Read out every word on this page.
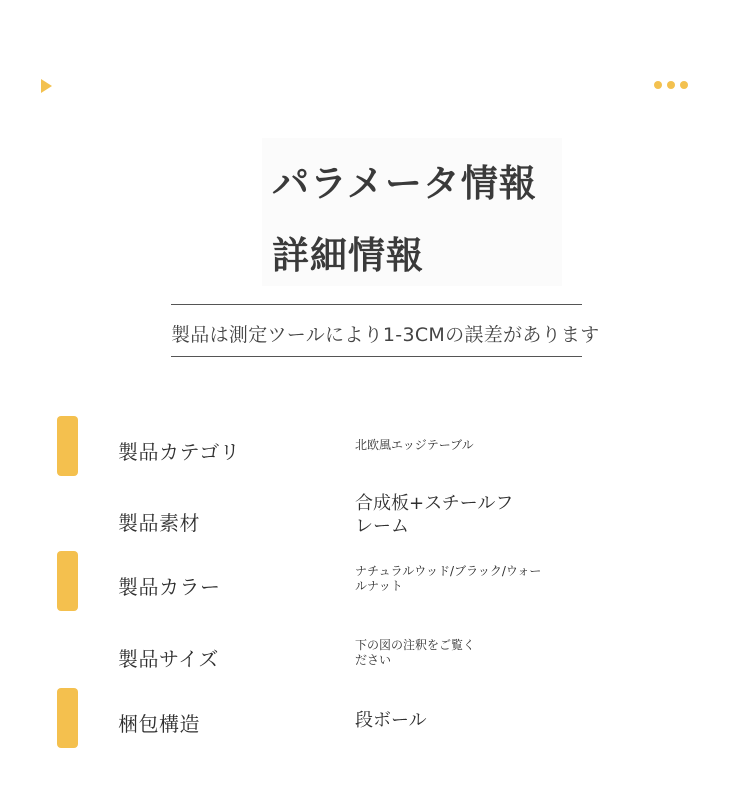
パラメータ情報
詳細情報
製品は測定ツールにより1-3CMの誤差があります
製品カテゴリ	北欧風エッジテーブル
製品素材
合成板+スチールフ
レーム
製品カラー
ナチュラルウッド/ブラック/ウォー
ルナット
製品サイズ
下の図の注釈をご覧く
ださい
梱包構造	段ボール
